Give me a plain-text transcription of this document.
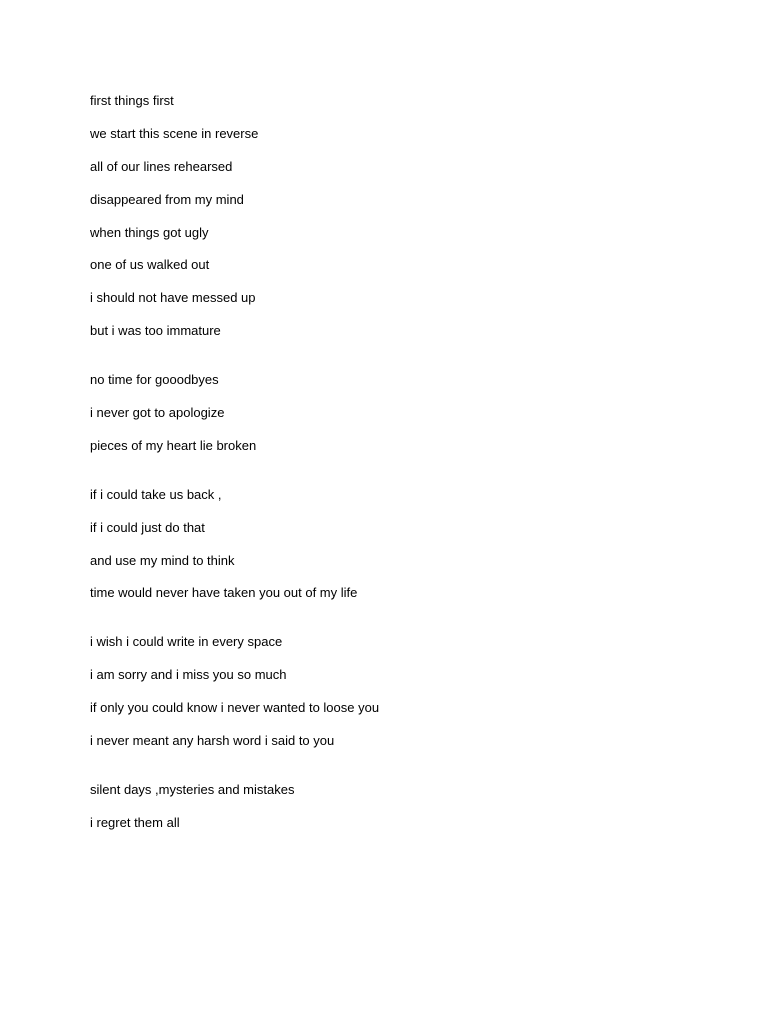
first things first
we start this scene in reverse
all of our lines rehearsed
disappeared from my mind
when things got ugly
one of us walked out
i should not have messed up
but i was too immature
no time for gooodbyes
i never got to apologize
pieces of my heart lie broken
if i could take us back ,
if i could just do that
and use my mind to think
time would never have taken you out of my life
i wish i could write in every space
i am sorry and i miss you so much
if only you could know i never wanted to loose you
i never meant any harsh word i said to you
silent days ,mysteries and mistakes
i regret them all
